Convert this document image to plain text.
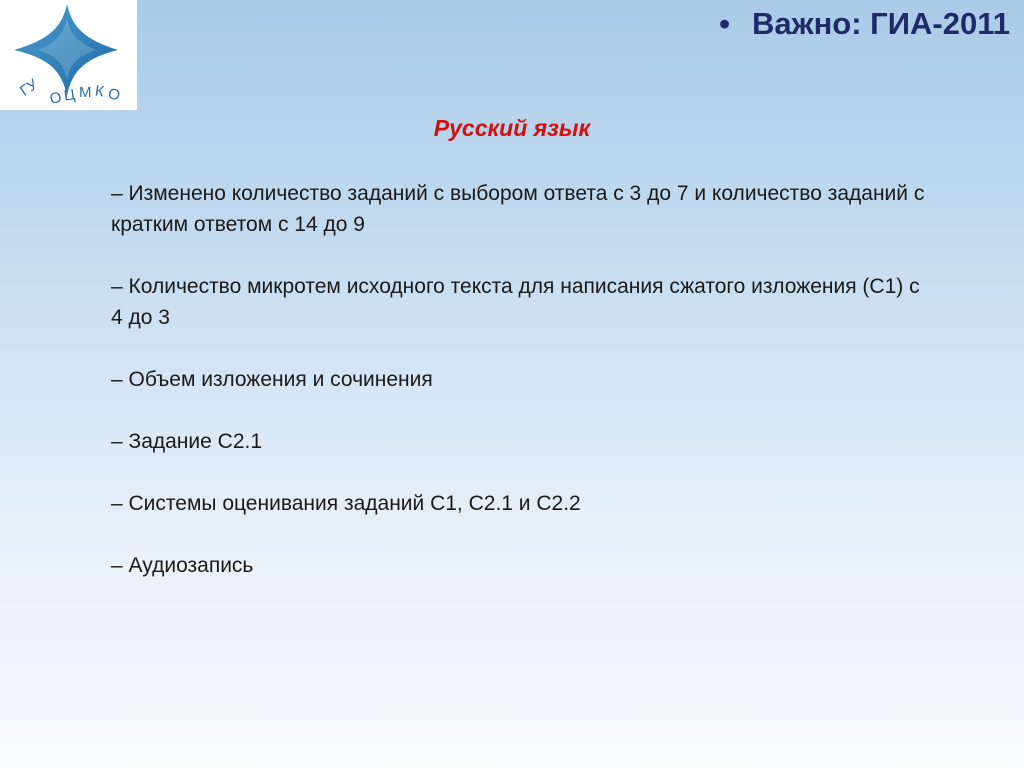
ГУ О Ц М К О
• Важно: ГИА-2011
Русский язык

– Изменено количество заданий с выбором ответа с 3 до 7 и количество заданий с кратким ответом с 14 до 9

– Количество микротем исходного текста для написания сжатого изложения (С1) с 4 до 3

– Объем изложения и сочинения

– Задание С2.1

– Системы оценивания заданий С1, С2.1 и С2.2

– Аудиозапись
